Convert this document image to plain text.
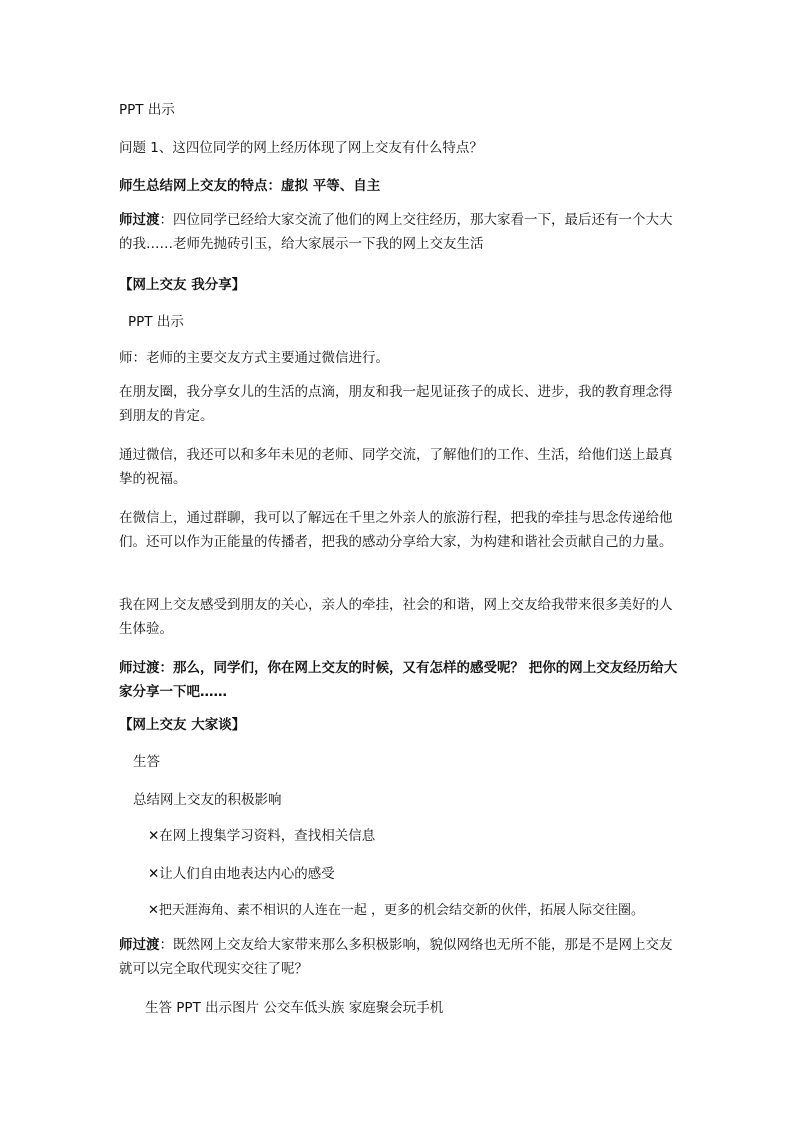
PPT 出示
问题 1、这四位同学的网上经历体现了网上交友有什么特点？
师生总结网上交友的特点：虚拟 平等、自主
师过渡：四位同学已经给大家交流了他们的网上交往经历，那大家看一下，最后还有一个大大的我……老师先抛砖引玉，给大家展示一下我的网上交友生活
【网上交友 我分享】
PPT 出示
师：老师的主要交友方式主要通过微信进行。
在朋友圈，我分享女儿的生活的点滴，朋友和我一起见证孩子的成长、进步，我的教育理念得到朋友的肯定。
通过微信，我还可以和多年未见的老师、同学交流，了解他们的工作、生活，给他们送上最真挚的祝福。
在微信上，通过群聊，我可以了解远在千里之外亲人的旅游行程，把我的牵挂与思念传递给他们。还可以作为正能量的传播者，把我的感动分享给大家，为构建和谐社会贡献自己的力量。
我在网上交友感受到朋友的关心，亲人的牵挂，社会的和谐，网上交友给我带来很多美好的人生体验。
师过渡：那么，同学们，你在网上交友的时候，又有怎样的感受呢？ 把你的网上交友经历给大家分享一下吧……
【网上交友 大家谈】
生答
总结网上交友的积极影响
✕在网上搜集学习资料，查找相关信息
✕让人们自由地表达内心的感受
✕把天涯海角、素不相识的人连在一起 ，更多的机会结交新的伙伴，拓展人际交往圈。
师过渡：既然网上交友给大家带来那么多积极影响，貌似网络也无所不能，那是不是网上交友就可以完全取代现实交往了呢？
生答 PPT 出示图片 公交车低头族 家庭聚会玩手机
